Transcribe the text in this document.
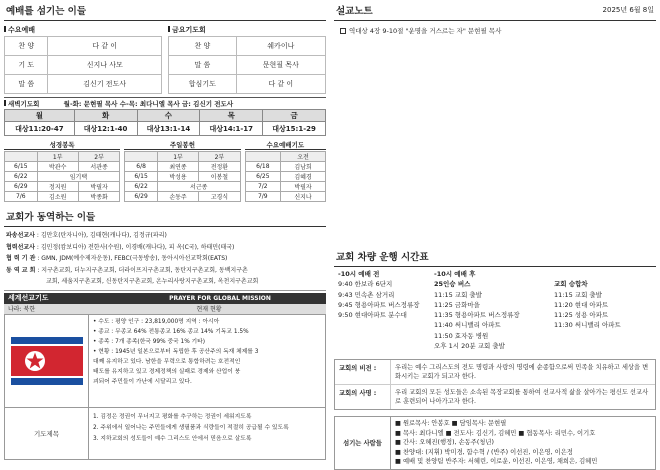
예배를 섬기는 이들
수요예배
찬 양	다 같 이
기 도	신지나 사모
말 씀	김신기 전도사
금요기도회
찬 양	쉐카이나
말 씀	문현필 목사
합심기도	다 같 이
새벽기도회	월-화: 문현필 목사 수-목: 최다니엘 목사 금: 김신기 전도사
월	화	수	목	금
대상11:20-47	대상12:1-40	대상13:1-14	대상14:1-17	대상15:1-29
성경봉독
	1부	2부
6/15	박관수	서관종
6/22	임기택	
6/29	정지원	박필자
7/6	김소원	박종화
주일봉헌
	1부	2부
6/8	최연종	전정환
6/15	박성용	이봉철
6/22	서근종	
6/29	손동주	고경식
수요예배기도
	오전
6/18	김남희
6/25	김혜경
7/2	박필자
7/9	신지나
교회가 동역하는 이들
파송선교사 : 김만호(탄자니아), 김태현(캐나다), 김정규(파리)
협력선교사 : 김민정(캄보디아) 전한사(수원), 이경배(캐나다), 피 옥(C국), 하태민(태국)
협 력 기 관 : GMN, JDM(예수제자운동), FEBC(극동방송), 동아시아선교학회(EATS)
동 역 교 회 : 지구촌교회, 더누지구촌교회, 더라이프지구촌교회, 동탄지구촌교회, 동백지구촌
교회, 세움지구촌교회, 신동탄지구촌교회, 온누리사랑지구촌교회, 옥천지구촌교회
세계선교기도	PRAYER FOR GLOBAL MISSION
나라: 북한	현재 현황
• 수도 : 평양 인구 : 23,819,000명 지역 : 아시아
• 종교 : 무종교 64% 전통종교 16% 종교 14% 기독교 1.5%
• 종족 : 7개 종족(한국 99% 중국 1% 기타)
• 현황 : 1945년 일본으로부터 독립한 후 공산주의 독재 체제를 3
대째 유지하고 있다. 남한을 무력으로 통합하려는 호전적인
태도를 유지하고 있고 경제정책의 실패로 경제와 산업이 붕
괴되어 주민들이 가난에 시달리고 있다.
기도제목
1. 김정은 정권이 무너지고 평화를 추구하는 정권이 세워지도록
2. 주위에서 일어나는 주민들에게 생필품과 식량들이 적절히 공급될 수 있도록
3. 지하교회의 성도들이 예수 그리스도 안에서 믿음으로 살도록
설교노트	2025년 6월 8일
역대상 4장 9-10절 "운명을 거스르는 자" 문현필 목사
교회 차량 운행 시간표
-10시 예배 전
9:40 한보라 6단지
9:43 민속촌 삼거리
9:45 형용아파트 버스정류장
9:50 현대아파트 분수대
-10시 예배 후
25인승 버스
11:15 교회 출발
11:25 금화마을
11:35 형용아파트 버스정류장
11:40 써니밸리 아파트
11:50 효자동 병원
오후 1시 20분 교회 출발
교회 승합차
11:15 교회 출발
11:20 현대 아파트
11:25 성용 아파트
11:30 써니밸리 아파트
교회의 비전 :	우리는 예수 그리스도의 전도 명령과 사랑의 명령에 순종함으로써 민족을 치유하고 세상을 변화시키는 교회가 되고자 한다.
교회의 사명 :	우리 교회의 모든 성도들은 소속된 목장교회를 통하여 선교사적 삶을 살아가는 평신도 선교사로 훈련되어 나아가고자 한다.
섬기는 사람들
■ 원로목사: 안봉호 ■ 담임목사: 문현필
■ 목사: 최다니엘 ■ 전도사: 김신기, 김혜민 ■ 협동목사: 리민수, 이기호
■ 간사: 오혜진(행정), 손동주(청년)
■ 찬양대: (지휘) 박미경, 함수혁 / (반주) 이선진, 이은영, 이은정
■ 예배 및 찬양팀 반주자: 서혜린, 이로운, 이선진, 이은영, 채희은, 김혜민
